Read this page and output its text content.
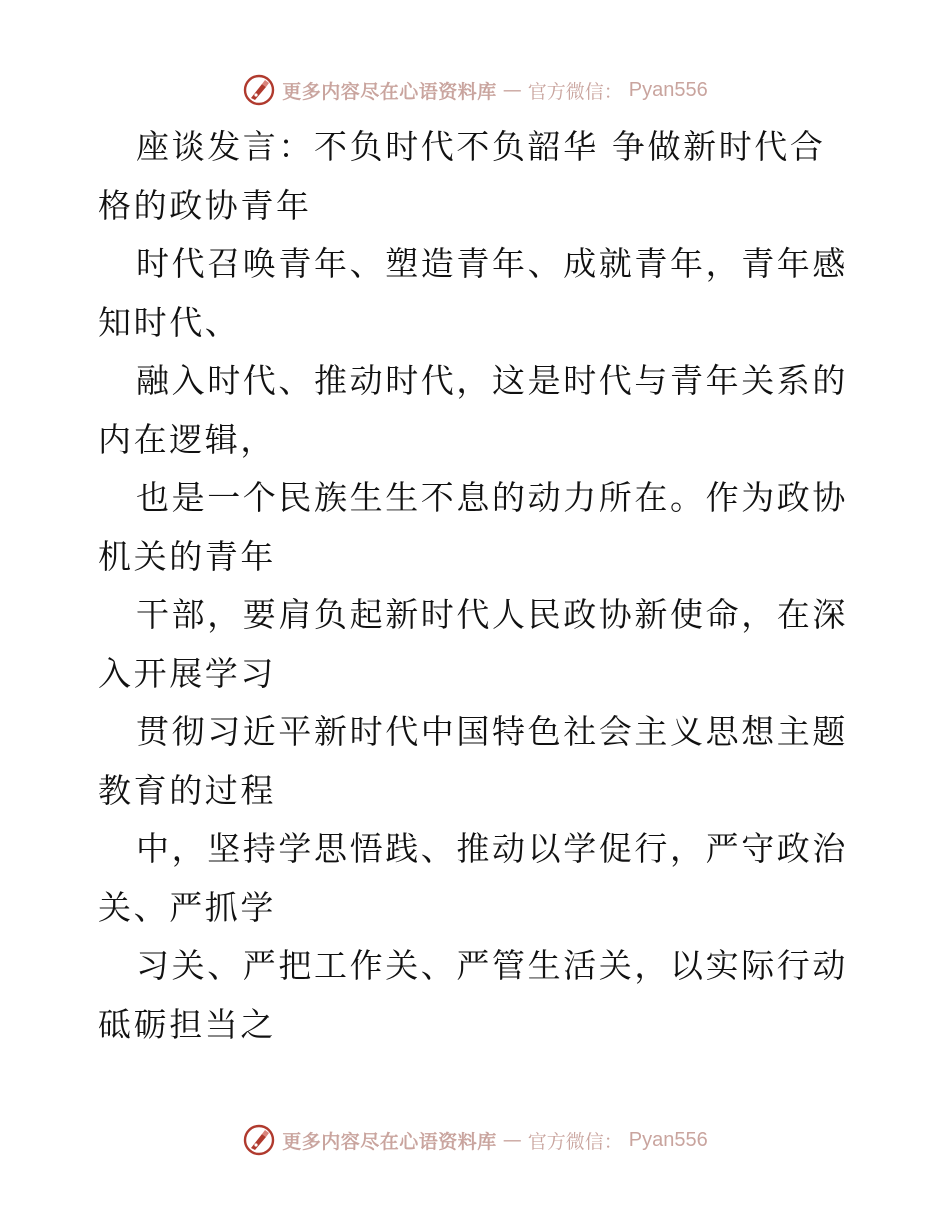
更多内容尽在心语资料库 — 官方微信： Pyan556

座谈发言：不负时代不负韶华 争做新时代合格的政协青年

时代召唤青年、塑造青年、成就青年，青年感知时代、

融入时代、推动时代，这是时代与青年关系的内在逻辑，

也是一个民族生生不息的动力所在。作为政协机关的青年

干部，要肩负起新时代人民政协新使命，在深入开展学习

贯彻习近平新时代中国特色社会主义思想主题教育的过程

中，坚持学思悟践、推动以学促行，严守政治关、严抓学

习关、严把工作关、严管生活关，以实际行动砥砺担当之

更多内容尽在心语资料库 — 官方微信： Pyan556
